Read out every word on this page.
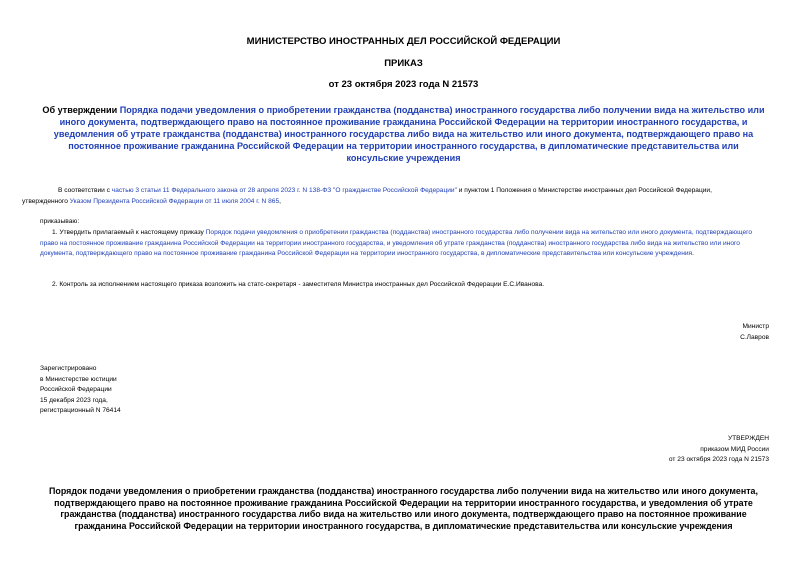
МИНИСТЕРСТВО ИНОСТРАННЫХ ДЕЛ РОССИЙСКОЙ ФЕДЕРАЦИИ
ПРИКАЗ
от 23 октября 2023 года N 21573
Об утверждении Порядка подачи уведомления о приобретении гражданства (подданства) иностранного государства либо получении вида на жительство или иного документа, подтверждающего право на постоянное проживание гражданина Российской Федерации на территории иностранного государства, и уведомления об утрате гражданства (подданства) иностранного государства либо вида на жительство или иного документа, подтверждающего право на постоянное проживание гражданина Российской Федерации на территории иностранного государства, в дипломатические представительства или консульские учреждения
В соответствии с частью 3 статьи 11 Федерального закона от 28 апреля 2023 г. N 138-ФЗ "О гражданстве Российской Федерации" и пунктом 1 Положения о Министерстве иностранных дел Российской Федерации,
утвержденного Указом Президента Российской Федерации от 11 июля 2004 г. N 865,
приказываю:
1. Утвердить прилагаемый к настоящему приказу Порядок подачи уведомления о приобретении гражданства (подданства) иностранного государства либо получении вида на жительство или иного документа, подтверждающего право на постоянное проживание гражданина Российской Федерации на территории иностранного государства, и уведомления об утрате гражданства (подданства) иностранного государства либо вида на жительство или иного документа, подтверждающего право на постоянное проживание гражданина Российской Федерации на территории иностранного государства, в дипломатические представительства или консульские учреждения.
2. Контроль за исполнением настоящего приказа возложить на статс-секретаря - заместителя Министра иностранных дел Российской Федерации Е.С.Иванова.
Министр
С.Лавров
Зарегистрировано
в Министерстве юстиции
Российской Федерации
15 декабря 2023 года,
регистрационный N 76414
УТВЕРЖДЕН
приказом МИД России
от 23 октября 2023 года N 21573
Порядок подачи уведомления о приобретении гражданства (подданства) иностранного государства либо получении вида на жительство или иного документа, подтверждающего право на постоянное проживание гражданина Российской Федерации на территории иностранного государства, и уведомления об утрате гражданства (подданства) иностранного государства либо вида на жительство или иного документа, подтверждающего право на постоянное проживание гражданина Российской Федерации на территории иностранного государства, в дипломатические представительства или консульские учреждения
